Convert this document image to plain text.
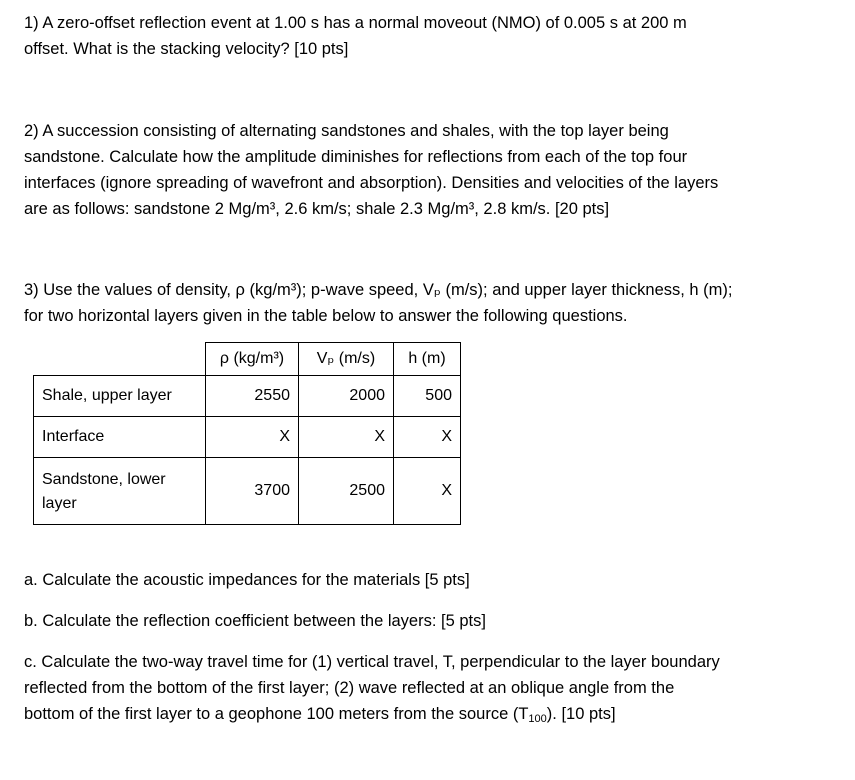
1) A zero-offset reflection event at 1.00 s has a normal moveout (NMO) of 0.005 s at 200 m
offset. What is the stacking velocity? [10 pts]
2) A succession consisting of alternating sandstones and shales, with the top layer being
sandstone. Calculate how the amplitude diminishes for reflections from each of the top four
interfaces (ignore spreading of wavefront and absorption). Densities and velocities of the layers
are as follows: sandstone 2 Mg/m³, 2.6 km/s; shale 2.3 Mg/m³, 2.8 km/s. [20 pts]
3) Use the values of density, ρ (kg/m³); p-wave speed, Vₚ (m/s); and upper layer thickness, h (m);
for two horizontal layers given in the table below to answer the following questions.
	ρ (kg/m³)	Vₚ (m/s)	h (m)
Shale, upper layer	2550	2000	500
Interface	X	X	X

Sandstone, lower
layer	3700	2500	X
a. Calculate the acoustic impedances for the materials [5 pts]
b. Calculate the reflection coefficient between the layers: [5 pts]
c. Calculate the two-way travel time for (1) vertical travel, T, perpendicular to the layer boundary
reflected from the bottom of the first layer; (2) wave reflected at an oblique angle from the
bottom of the first layer to a geophone 100 meters from the source $(T_{100})$. [10 pts]
